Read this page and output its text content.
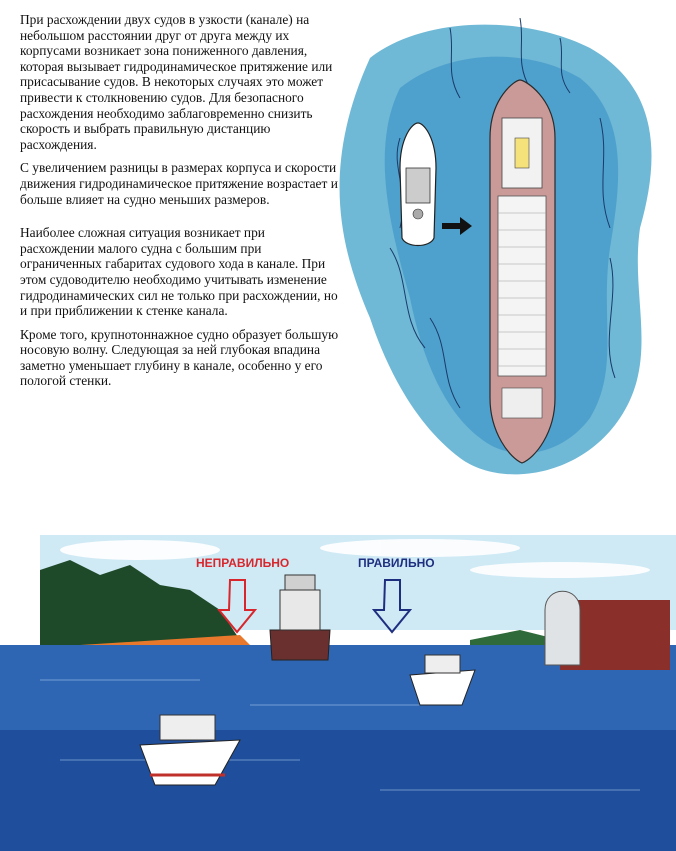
При расхождении двух судов в узкости (канале) на небольшом расстоянии друг от друга между их корпусами возникает зона пониженного давления, которая вызывает гидродинамическое притяжение или присасывание судов. В некоторых случаях это может привести к столкновению судов. Для безопасного расхождения необходимо заблаговременно снизить скорость и выбрать правильную дистанцию расхождения.

С увеличением разницы в размерах корпуса и скорости движения гидродинамическое притяжение возрастает и больше влияет на судно меньших размеров.

Наиболее сложная ситуация возникает при расхождении малого судна с большим при ограниченных габаритах судового хода в канале. При этом судоводителю необходимо учитывать изменение гидродинамических сил не только при расхождении, но и при приближении к стенке канала.

Кроме того, крупнотоннажное судно образует большую носовую волну. Следующая за ней глубокая впадина заметно уменьшает глубину в канале, особенно у его пологой стенки.

НЕПРАВИЛЬНО	ПРАВИЛЬНО
